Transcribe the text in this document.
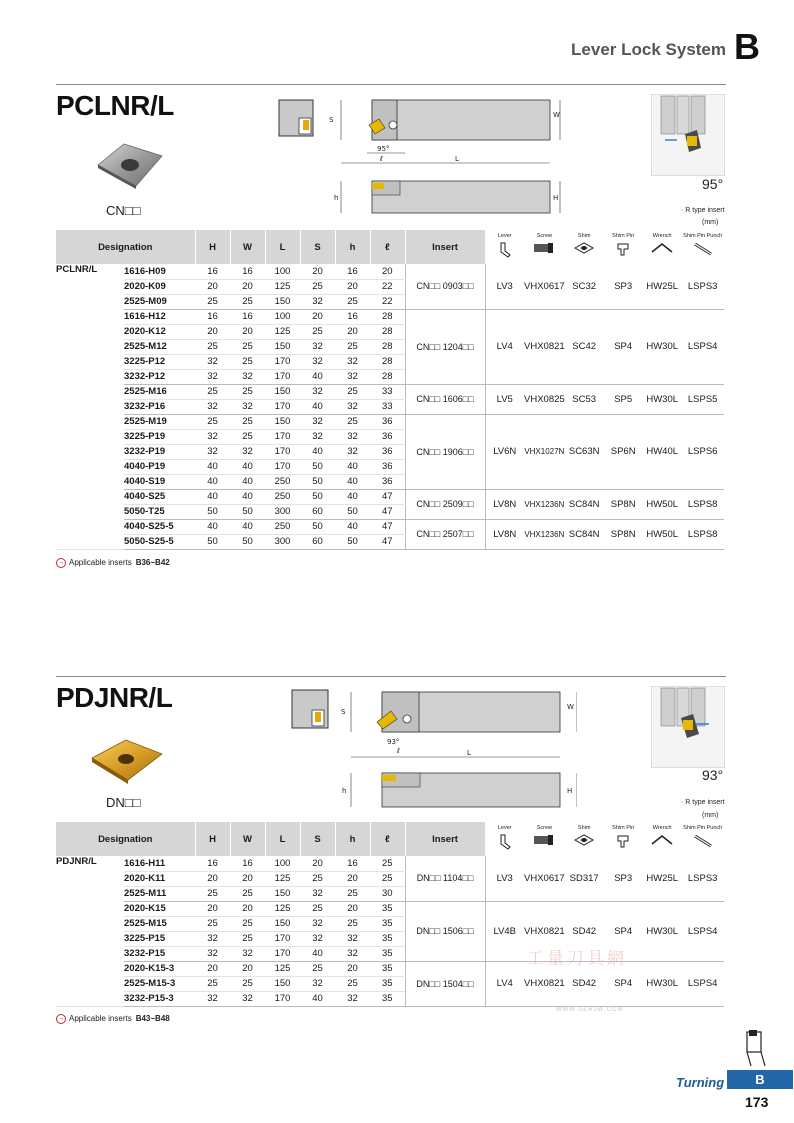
Lever Lock System B
PCLNR/L
CN□□
S
W
95°
ℓ	L
h	H
95°
· R type insert
(mm)
Designation		H	W	L	S	h	ℓ	Insert	Lever	Screw	Shim	Shim Pin	Wrench	Shim Pin Punch

PCLNR/L	1616-H09	16	16	100	20	16	20	CN□□ 0903□□	LV3	VHX0617	SC32	SP3	HW25L	LSPS3
	2020-K09	20	20	125	25	20	22							
	2525-M09	25	25	150	32	25	22							
	1616-H12	16	16	100	20	16	28	CN□□ 1204□□	LV4	VHX0821	SC42	SP4	HW30L	LSPS4
	2020-K12	20	20	125	25	20	28							
	2525-M12	25	25	150	32	25	28							
	3225-P12	32	25	170	32	32	28							
	3232-P12	32	32	170	40	32	28							
	2525-M16	25	25	150	32	25	33	CN□□ 1606□□	LV5	VHX0825	SC53	SP5	HW30L	LSPS5
	3232-P16	32	32	170	40	32	33							
	2525-M19	25	25	150	32	25	36	CN□□ 1906□□	LV6N	VHX1027N	SC63N	SP6N	HW40L	LSPS6
	3225-P19	32	25	170	32	32	36							
	3232-P19	32	32	170	40	32	36							
	4040-P19	40	40	170	50	40	36							
	4040-S19	40	40	250	50	40	36							
	4040-S25	40	40	250	50	40	47	CN□□ 2509□□	LV8N	VHX1236N	SC84N	SP8N	HW50L	LSPS8
	5050-T25	50	50	300	60	50	47							
	4040-S25-5	40	40	250	50	40	47	CN□□ 2507□□	LV8N	VHX1236N	SC84N	SP8N	HW50L	LSPS8
	5050-S25-5	50	50	300	60	50	47							
→ Applicable inserts B36~B42
PDJNR/L
DN□□
S
W
93°
ℓ	L
h	H
93°
· R type insert
(mm)
Designation		H	W	L	S	h	ℓ	Insert	Lever	Screw	Shim	Shim Pin	Wrench	Shim Pin Punch

PDJNR/L	1616-H11	16	16	100	20	16	25	DN□□ 1104□□	LV3	VHX0617	SD317	SP3	HW25L	LSPS3
	2020-K11	20	20	125	25	20	25							
	2525-M11	25	25	150	32	25	30							
	2020-K15	20	20	125	25	20	35	DN□□ 1506□□	LV4B	VHX0821	SD42	SP4	HW30L	LSPS4
	2525-M15	25	25	150	32	25	35							
	3225-P15	32	25	170	32	32	35							
	3232-P15	32	32	170	40	32	35							
	2020-K15-3	20	20	125	25	20	35	DN□□ 1504□□	LV4	VHX0821	SD42	SP4	HW30L	LSPS4
	2525-M15-3	25	25	150	32	25	35							
	3232-P15-3	32	32	170	40	32	35							
→ Applicable inserts B43~B48
工量刀具網
WWW.GLRJW.COM
Turning	B
173
